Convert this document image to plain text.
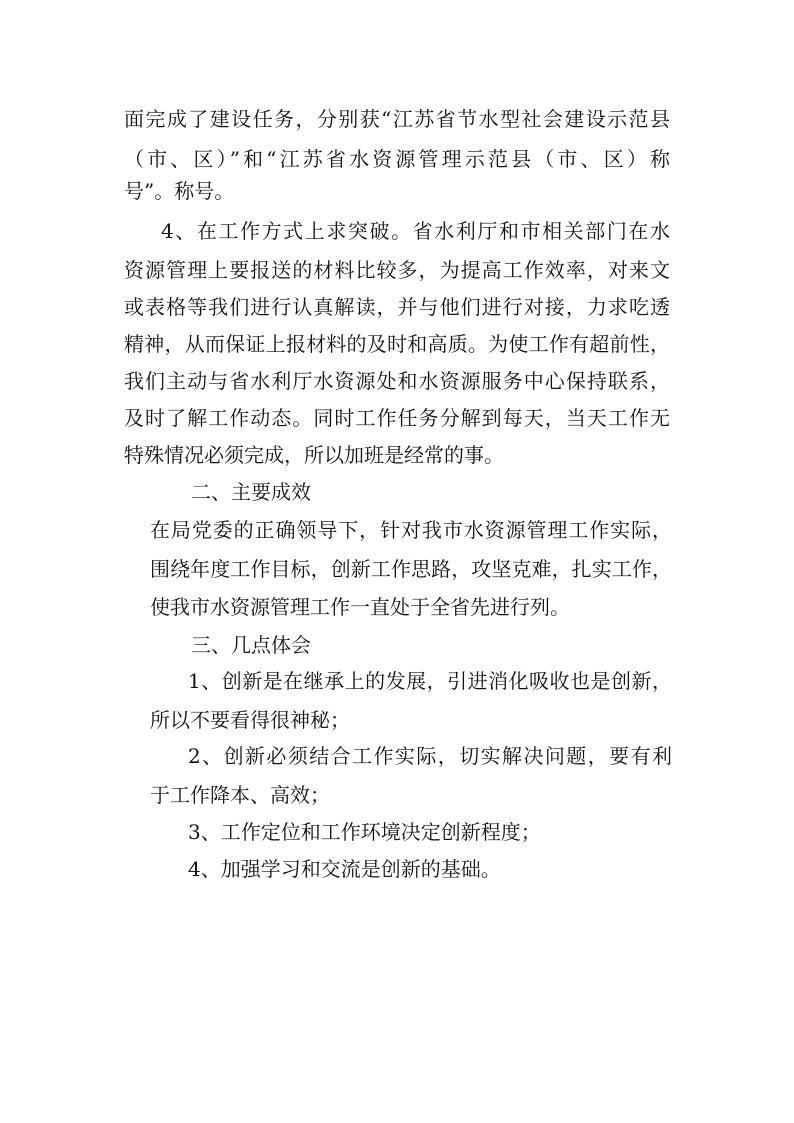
面完成了建设任务，分别获“江苏省节水型社会建设示范县

（市、区）”和“江苏省水资源管理示范县（市、区）称

号”。称号。

4、在工作方式上求突破。省水利厅和市相关部门在水

资源管理上要报送的材料比较多，为提高工作效率，对来文

或表格等我们进行认真解读，并与他们进行对接，力求吃透

精神，从而保证上报材料的及时和高质。为使工作有超前性，

我们主动与省水利厅水资源处和水资源服务中心保持联系，

及时了解工作动态。同时工作任务分解到每天，当天工作无

特殊情况必须完成，所以加班是经常的事。

二、主要成效

在局党委的正确领导下，针对我市水资源管理工作实际，

围绕年度工作目标，创新工作思路，攻坚克难，扎实工作，

使我市水资源管理工作一直处于全省先进行列。

三、几点体会

1、创新是在继承上的发展，引进消化吸收也是创新，

所以不要看得很神秘；

2、创新必须结合工作实际，切实解决问题，要有利

于工作降本、高效；

3、工作定位和工作环境决定创新程度；

4、加强学习和交流是创新的基础。
